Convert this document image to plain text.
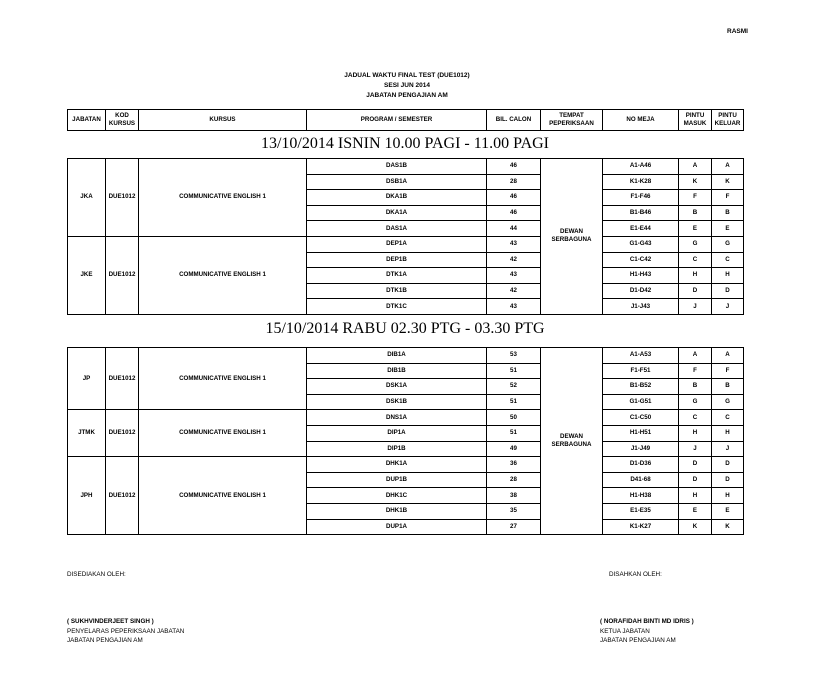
RASMI
JADUAL WAKTU FINAL TEST (DUE1012)
SESI JUN 2014
JABATAN PENGAJIAN AM
JABATAN	KOD KURSUS	KURSUS	PROGRAM / SEMESTER	BIL. CALON	TEMPAT PEPERIKSAAN	NO MEJA	PINTU MASUK	PINTU KELUAR
13/10/2014 ISNIN 10.00 PAGI - 11.00 PAGI
JKA	DUE1012	COMMUNICATIVE ENGLISH 1	DAS1B	46	DEWAN SERBAGUNA	A1-A46	A	A
			DSB1A	28		K1-K28	K	K
			DKA1B	46		F1-F46	F	F
			DKA1A	46		B1-B46	B	B
			DAS1A	44		E1-E44	E	E
JKE	DUE1012	COMMUNICATIVE ENGLISH 1	DEP1A	43		G1-G43	G	G
			DEP1B	42		C1-C42	C	C
			DTK1A	43		H1-H43	H	H
			DTK1B	42		D1-D42	D	D
			DTK1C	43		J1-J43	J	J
15/10/2014 RABU 02.30 PTG - 03.30 PTG
JP	DUE1012	COMMUNICATIVE ENGLISH 1	DIB1A	53	DEWAN SERBAGUNA	A1-A53	A	A
			DIB1B	51		F1-F51	F	F
			DSK1A	52		B1-B52	B	B
			DSK1B	51		G1-G51	G	G
JTMK	DUE1012	COMMUNICATIVE ENGLISH 1	DNS1A	50		C1-C50	C	C
			DIP1A	51		H1-H51	H	H
			DIP1B	49		J1-J49	J	J
JPH	DUE1012	COMMUNICATIVE ENGLISH 1	DHK1A	36		D1-D36	D	D
			DUP1B	28		D41-68	D	D
			DHK1C	38		H1-H38	H	H
			DHK1B	35		E1-E35	E	E
			DUP1A	27		K1-K27	K	K
DISEDIAKAN OLEH:
( SUKHVINDERJEET SINGH )
PENYELARAS PEPERIKSAAN JABATAN
JABATAN PENGAJIAN AM
DISAHKAN OLEH:
( NORAFIDAH BINTI MD IDRIS )
KETUA JABATAN
JABATAN PENGAJIAN AM
